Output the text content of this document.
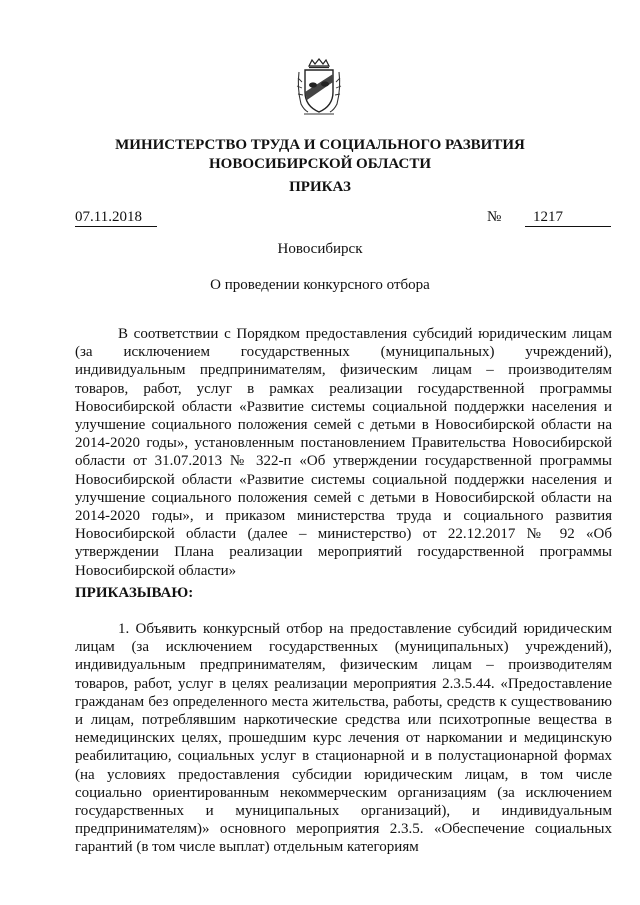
МИНИСТЕРСТВО ТРУДА И СОЦИАЛЬНОГО РАЗВИТИЯ
НОВОСИБИРСКОЙ ОБЛАСТИ
ПРИКАЗ
07.11.2018	№	1217
Новосибирск
О проведении конкурсного отбора

В соответствии с Порядком предоставления субсидий юридическим лицам (за исключением государственных (муниципальных) учреждений), индивидуальным предпринимателям, физическим лицам – производителям товаров, работ, услуг в рамках реализации государственной программы Новосибирской области «Развитие системы социальной поддержки населения и улучшение социального положения семей с детьми в Новосибирской области на 2014-2020 годы», установленным постановлением Правительства Новосибирской области от 31.07.2013 № 322-п «Об утверждении государственной программы Новосибирской области «Развитие системы социальной поддержки населения и улучшение социального положения семей с детьми в Новосибирской области на 2014-2020 годы», и приказом министерства труда и социального развития Новосибирской области (далее – министерство) от 22.12.2017 № 92 «Об утверждении Плана реализации мероприятий государственной программы Новосибирской области»

ПРИКАЗЫВАЮ:

1. Объявить конкурсный отбор на предоставление субсидий юридическим лицам (за исключением государственных (муниципальных) учреждений), индивидуальным предпринимателям, физическим лицам – производителям товаров, работ, услуг в целях реализации мероприятия 2.3.5.44. «Предоставление гражданам без определенного места жительства, работы, средств к существованию и лицам, потреблявшим наркотические средства или психотропные вещества в немедицинских целях, прошедшим курс лечения от наркомании и медицинскую реабилитацию, социальных услуг в стационарной и в полустационарной формах (на условиях предоставления субсидии юридическим лицам, в том числе социально ориентированным некоммерческим организациям (за исключением государственных и муниципальных организаций), и индивидуальным предпринимателям)» основного мероприятия 2.3.5. «Обеспечение социальных гарантий (в том числе выплат) отдельным категориям
